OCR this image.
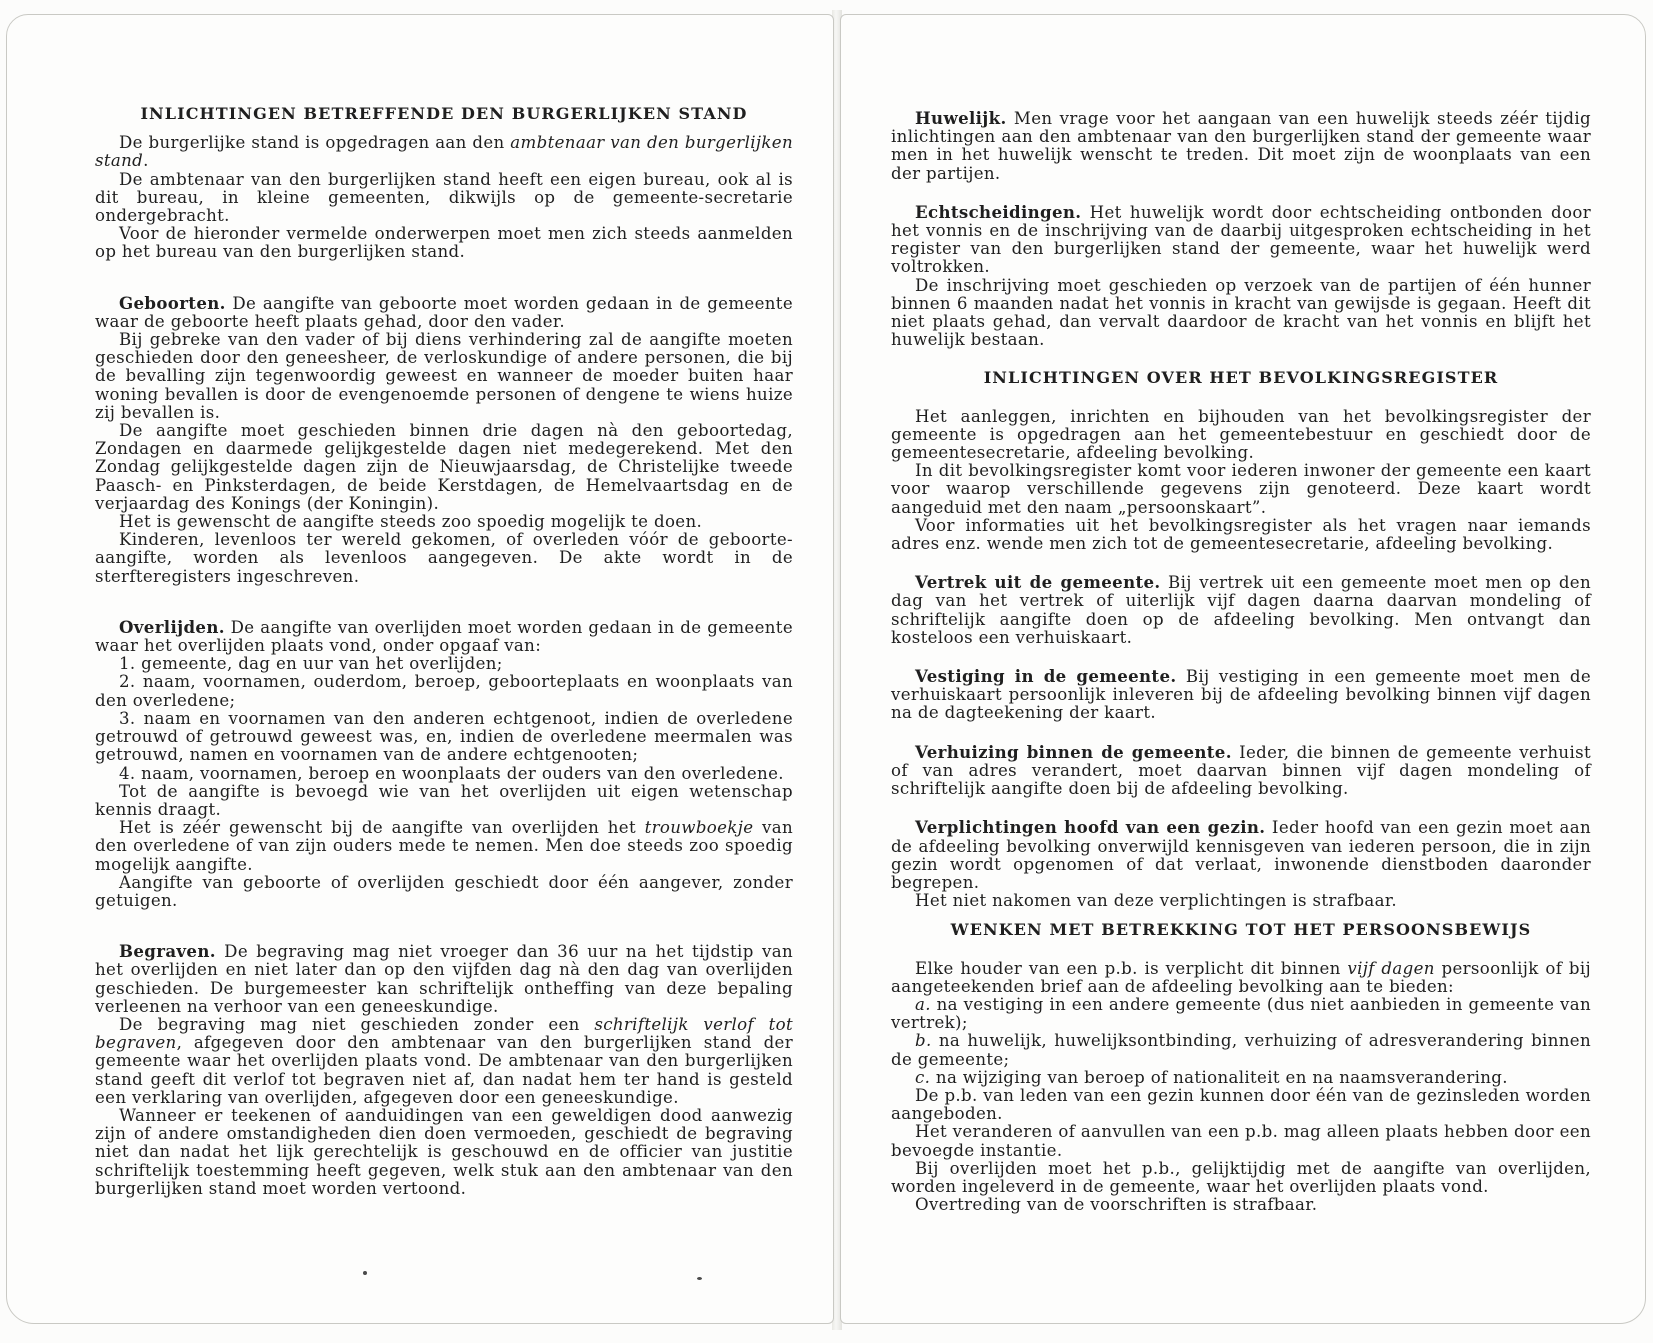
INLICHTINGEN BETREFFENDE DEN BURGERLIJKEN STAND

De burgerlijke stand is opgedragen aan den ambtenaar van den burgerlijken stand.

De ambtenaar van den burgerlijken stand heeft een eigen bureau, ook al is dit bureau, in kleine gemeenten, dikwijls op de gemeente-secretarie ondergebracht.

Voor de hieronder vermelde onderwerpen moet men zich steeds aanmelden op het bureau van den burgerlijken stand.

Geboorten. De aangifte van geboorte moet worden gedaan in de gemeente waar de geboorte heeft plaats gehad, door den vader.

Bij gebreke van den vader of bij diens verhindering zal de aangifte moeten geschieden door den geneesheer, de verloskundige of andere personen, die bij de bevalling zijn tegenwoordig geweest en wanneer de moeder buiten haar woning bevallen is door de evengenoemde personen of dengene te wiens huize zij bevallen is.

De aangifte moet geschieden binnen drie dagen nà den geboortedag, Zondagen en daarmede gelijkgestelde dagen niet medegerekend. Met den Zondag gelijkgestelde dagen zijn de Nieuwjaarsdag, de Christelijke tweede Paasch- en Pinksterdagen, de beide Kerstdagen, de Hemelvaartsdag en de verjaardag des Konings (der Koningin).

Het is gewenscht de aangifte steeds zoo spoedig mogelijk te doen.

Kinderen, levenloos ter wereld gekomen, of overleden vóór de geboorte-aangifte, worden als levenloos aangegeven. De akte wordt in de sterfteregisters ingeschreven.

Overlijden. De aangifte van overlijden moet worden gedaan in de gemeente waar het overlijden plaats vond, onder opgaaf van:

1. gemeente, dag en uur van het overlijden;

2. naam, voornamen, ouderdom, beroep, geboorteplaats en woonplaats van den overledene;

3. naam en voornamen van den anderen echtgenoot, indien de overledene getrouwd of getrouwd geweest was, en, indien de overledene meermalen was getrouwd, namen en voornamen van de andere echtgenooten;

4. naam, voornamen, beroep en woonplaats der ouders van den overledene.

Tot de aangifte is bevoegd wie van het overlijden uit eigen wetenschap kennis draagt.

Het is zéér gewenscht bij de aangifte van overlijden het trouwboekje van den overledene of van zijn ouders mede te nemen. Men doe steeds zoo spoedig mogelijk aangifte.

Aangifte van geboorte of overlijden geschiedt door één aangever, zonder getuigen.

Begraven. De begraving mag niet vroeger dan 36 uur na het tijdstip van het overlijden en niet later dan op den vijfden dag nà den dag van overlijden geschieden. De burgemeester kan schriftelijk ontheffing van deze bepaling verleenen na verhoor van een geneeskundige.

De begraving mag niet geschieden zonder een schriftelijk verlof tot begraven, afgegeven door den ambtenaar van den burgerlijken stand der gemeente waar het overlijden plaats vond. De ambtenaar van den burgerlijken stand geeft dit verlof tot begraven niet af, dan nadat hem ter hand is gesteld een verklaring van overlijden, afgegeven door een geneeskundige.

Wanneer er teekenen of aanduidingen van een geweldigen dood aanwezig zijn of andere omstandigheden dien doen vermoeden, geschiedt de begraving niet dan nadat het lijk gerechtelijk is geschouwd en de officier van justitie schriftelijk toestemming heeft gegeven, welk stuk aan den ambtenaar van den burgerlijken stand moet worden vertoond.

Huwelijk. Men vrage voor het aangaan van een huwelijk steeds zéér tijdig inlichtingen aan den ambtenaar van den burgerlijken stand der gemeente waar men in het huwelijk wenscht te treden. Dit moet zijn de woonplaats van een der partijen.

Echtscheidingen. Het huwelijk wordt door echtscheiding ontbonden door het vonnis en de inschrijving van de daarbij uitgesproken echtscheiding in het register van den burgerlijken stand der gemeente, waar het huwelijk werd voltrokken.

De inschrijving moet geschieden op verzoek van de partijen of één hunner binnen 6 maanden nadat het vonnis in kracht van gewijsde is gegaan. Heeft dit niet plaats gehad, dan vervalt daardoor de kracht van het vonnis en blijft het huwelijk bestaan.

INLICHTINGEN OVER HET BEVOLKINGSREGISTER

Het aanleggen, inrichten en bijhouden van het bevolkingsregister der gemeente is opgedragen aan het gemeentebestuur en geschiedt door de gemeentesecretarie, afdeeling bevolking.

In dit bevolkingsregister komt voor iederen inwoner der gemeente een kaart voor waarop verschillende gegevens zijn genoteerd. Deze kaart wordt aangeduid met den naam „persoonskaart”.

Voor informaties uit het bevolkingsregister als het vragen naar iemands adres enz. wende men zich tot de gemeentesecretarie, afdeeling bevolking.

Vertrek uit de gemeente. Bij vertrek uit een gemeente moet men op den dag van het vertrek of uiterlijk vijf dagen daarna daarvan mondeling of schriftelijk aangifte doen op de afdeeling bevolking. Men ontvangt dan kosteloos een verhuiskaart.

Vestiging in de gemeente. Bij vestiging in een gemeente moet men de verhuiskaart persoonlijk inleveren bij de afdeeling bevolking binnen vijf dagen na de dagteekening der kaart.

Verhuizing binnen de gemeente. Ieder, die binnen de gemeente verhuist of van adres verandert, moet daarvan binnen vijf dagen mondeling of schriftelijk aangifte doen bij de afdeeling bevolking.

Verplichtingen hoofd van een gezin. Ieder hoofd van een gezin moet aan de afdeeling bevolking onverwijld kennisgeven van iederen persoon, die in zijn gezin wordt opgenomen of dat verlaat, inwonende dienstboden daaronder begrepen.

Het niet nakomen van deze verplichtingen is strafbaar.

WENKEN MET BETREKKING TOT HET PERSOONSBEWIJS

Elke houder van een p.b. is verplicht dit binnen vijf dagen persoonlijk of bij aangeteekenden brief aan de afdeeling bevolking aan te bieden:

a. na vestiging in een andere gemeente (dus niet aanbieden in gemeente van vertrek);

b. na huwelijk, huwelijksontbinding, verhuizing of adresverandering binnen de gemeente;

c. na wijziging van beroep of nationaliteit en na naamsverandering.

De p.b. van leden van een gezin kunnen door één van de gezinsleden worden aangeboden.

Het veranderen of aanvullen van een p.b. mag alleen plaats hebben door een bevoegde instantie.

Bij overlijden moet het p.b., gelijktijdig met de aangifte van overlijden, worden ingeleverd in de gemeente, waar het overlijden plaats vond.

Overtreding van de voorschriften is strafbaar.
